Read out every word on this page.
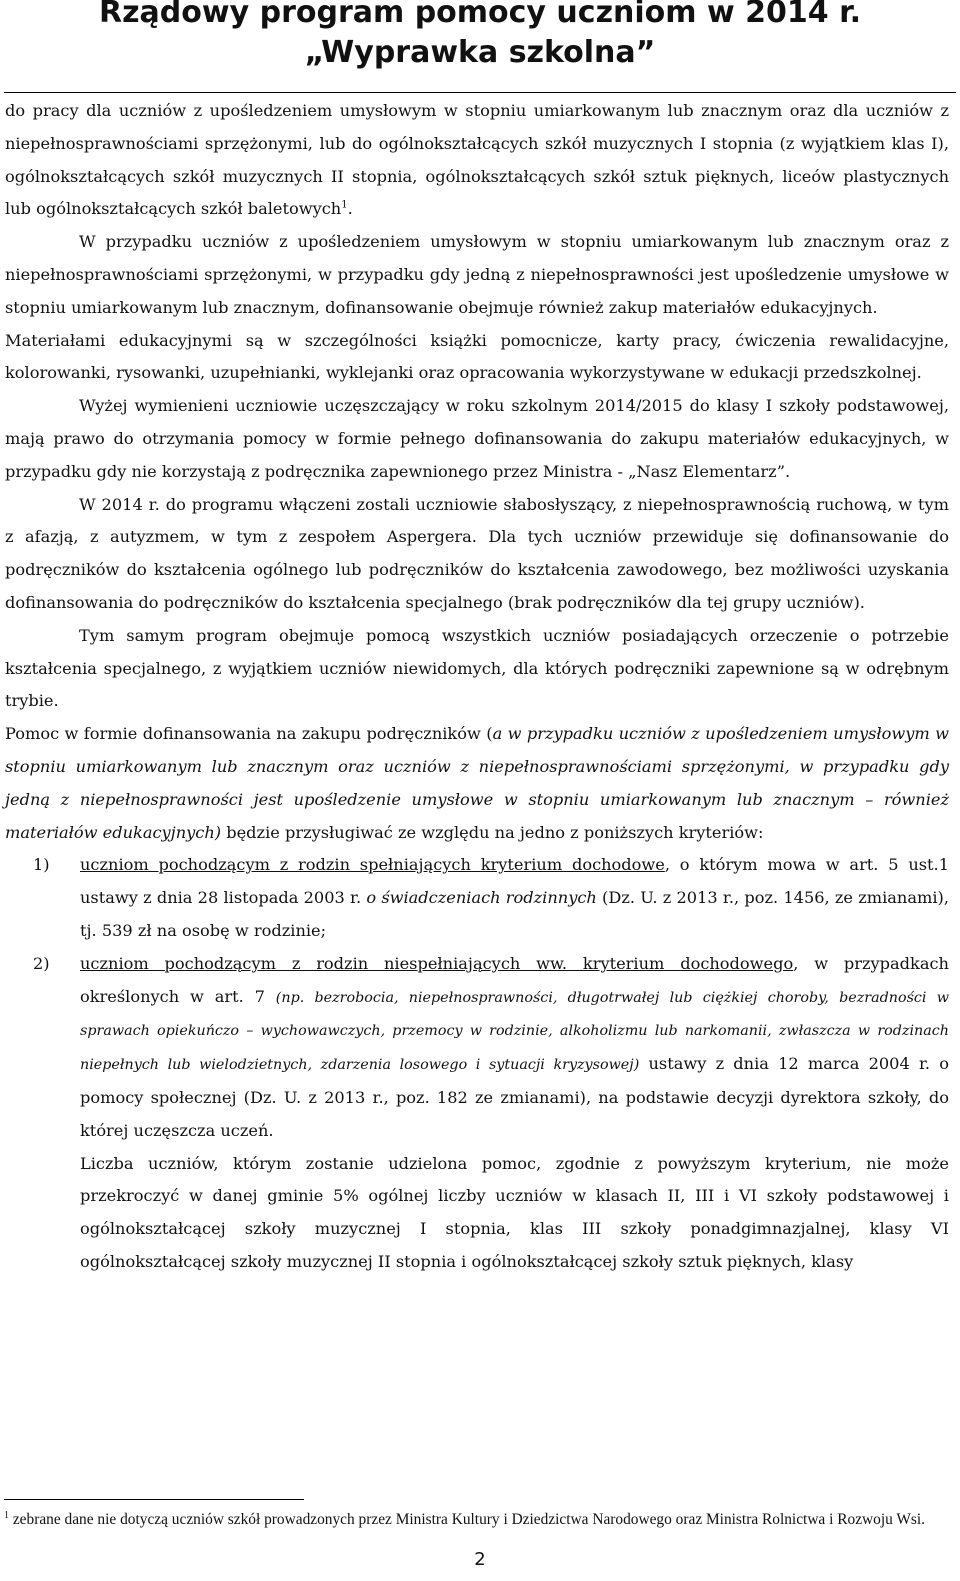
Rządowy program pomocy uczniom w 2014 r.
„Wyprawka szkolna”

do pracy dla uczniów z upośledzeniem umysłowym w stopniu umiarkowanym lub znacznym oraz dla uczniów z niepełnosprawnościami sprzężonymi, lub do ogólnokształcących szkół muzycznych I stopnia (z wyjątkiem klas I), ogólnokształcących szkół muzycznych II stopnia, ogólnokształcących szkół sztuk pięknych, liceów plastycznych lub ogólnokształcących szkół baletowych$^1$.

W przypadku uczniów z upośledzeniem umysłowym w stopniu umiarkowanym lub znacznym oraz z niepełnosprawnościami sprzężonymi, w przypadku gdy jedną z niepełnosprawności jest upośledzenie umysłowe w stopniu umiarkowanym lub znacznym, dofinansowanie obejmuje również zakup materiałów edukacyjnych.

Materiałami edukacyjnymi są w szczególności książki pomocnicze, karty pracy, ćwiczenia rewalidacyjne, kolorowanki, rysowanki, uzupełnianki, wyklejanki oraz opracowania wykorzystywane w edukacji przedszkolnej.

Wyżej wymienieni uczniowie uczęszczający w roku szkolnym 2014/2015 do klasy I szkoły podstawowej, mają prawo do otrzymania pomocy w formie pełnego dofinansowania do zakupu materiałów edukacyjnych, w przypadku gdy nie korzystają z podręcznika zapewnionego przez Ministra - „Nasz Elementarz”.

W 2014 r. do programu włączeni zostali uczniowie słabosłyszący, z niepełnosprawnością ruchową, w tym z afazją, z autyzmem, w tym z zespołem Aspergera. Dla tych uczniów przewiduje się dofinansowanie do podręczników do kształcenia ogólnego lub podręczników do kształcenia zawodowego, bez możliwości uzyskania dofinansowania do podręczników do kształcenia specjalnego (brak podręczników dla tej grupy uczniów).

Tym samym program obejmuje pomocą wszystkich uczniów posiadających orzeczenie o potrzebie kształcenia specjalnego, z wyjątkiem uczniów niewidomych, dla których podręczniki zapewnione są w odrębnym trybie.

Pomoc w formie dofinansowania na zakupu podręczników (a w przypadku uczniów z upośledzeniem umysłowym w stopniu umiarkowanym lub znacznym oraz uczniów z niepełnosprawnościami sprzężonymi, w przypadku gdy jedną z niepełnosprawności jest upośledzenie umysłowe w stopniu umiarkowanym lub znacznym – również materiałów edukacyjnych) będzie przysługiwać ze względu na jedno z poniższych kryteriów:

1) uczniom pochodzącym z rodzin spełniających kryterium dochodowe, o którym mowa w art. 5 ust.1 ustawy z dnia 28 listopada 2003 r. o świadczeniach rodzinnych (Dz. U. z 2013 r., poz. 1456, ze zmianami), tj. 539 zł na osobę w rodzinie;
2) uczniom pochodzącym z rodzin niespełniających ww. kryterium dochodowego, w przypadkach określonych w art. 7 (np. bezrobocia, niepełnosprawności, długotrwałej lub ciężkiej choroby, bezradności w sprawach opiekuńczo – wychowawczych, przemocy w rodzinie, alkoholizmu lub narkomanii, zwłaszcza w rodzinach niepełnych lub wielodzietnych, zdarzenia losowego i sytuacji kryzysowej) ustawy z dnia 12 marca 2004 r. o pomocy społecznej (Dz. U. z 2013 r., poz. 182 ze zmianami), na podstawie decyzji dyrektora szkoły, do której uczęszcza uczeń.

Liczba uczniów, którym zostanie udzielona pomoc, zgodnie z powyższym kryterium, nie może przekroczyć w danej gminie 5% ogólnej liczby uczniów w klasach II, III i VI szkoły podstawowej i ogólnokształcącej szkoły muzycznej I stopnia, klas III szkoły ponadgimnazjalnej, klasy VI ogólnokształcącej szkoły muzycznej II stopnia i ogólnokształcącej szkoły sztuk pięknych, klasy

$^1$ zebrane dane nie dotyczą uczniów szkół prowadzonych przez Ministra Kultury i Dziedzictwa Narodowego oraz Ministra Rolnictwa i Rozwoju Wsi.
2
